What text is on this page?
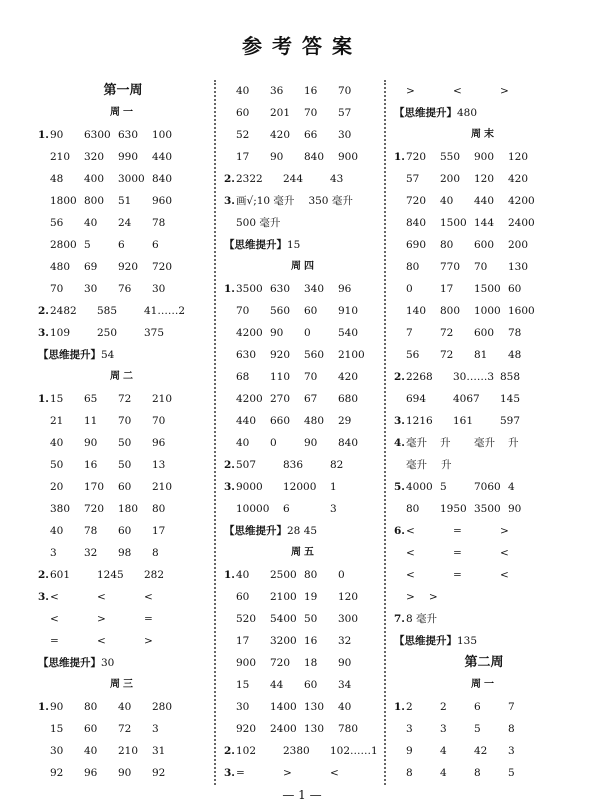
参考答案
第一周
周一
1.90 6300 630 100
210 320 990 440
48 400 3000 840
1800 800 51 960
56 40 24 78
2800 5	6	6
480 69 920 720
70 30 76 30
2.2482 585	41……2
3.109	250	375
【思维提升】54
周二
1.15 65 72 210
21 11 70 70
40 90 50 96
50 16 50 13
20 170 60 210
380 720 180 80
40 78 60 17
3	32 98 8
2.601	1245 282
3.<	<	<
<	>	=
=	<	>
【思维提升】30
周三
1.90 80 40 280
15 60 72 3
30 40 210 31
92 96 90 92
40 36 16 70
60 201 70 57
52 420 66 30
17 90 840 900
2.2322 244	43
3.画√;10 毫升 350 毫升
500 毫升
【思维提升】15
周四
1.3500 630 340 96
70 560 60 910
4200 90 0	540
630 920 560 2100
68 110 70 420
4200 270 67 680
440 660 480 29
40 0	90 840
2.507	836	82
3.9000 12000 1
10000 6	3
【思维提升】28 45
周五
1.40 2500 80 0
60 2100 19 120
520 5400 50 300
17 3200 16 32
900 720 18 90
15 44 60 34
30 1400 130 40
920 2400 130 780
2.102	2380 102……1
3.=	>	<
>	<	>
【思维提升】480
周末
1.720 550 900 120
57 200 120 420
720 40 440 4200
840 1500 144 2400
690 80 600 200
80 770 70 130
0	17 1500 60
140 800 1000 1600
7	72 600 78
56 72 81 48
2.2268 30……3 858
694	4067 145
3.1216 161	597
4.毫升 升 毫升 升
毫升 升
5.4000 5	7060 4
80 1950 3500 90
6.<	=	>
<	=	<
<	=	<
> >
7.8 毫升
【思维提升】135
第二周
周一
1.2	2	6	7
3	3	5	8
9	4	42 3
8	4	8	5
— 1 —
